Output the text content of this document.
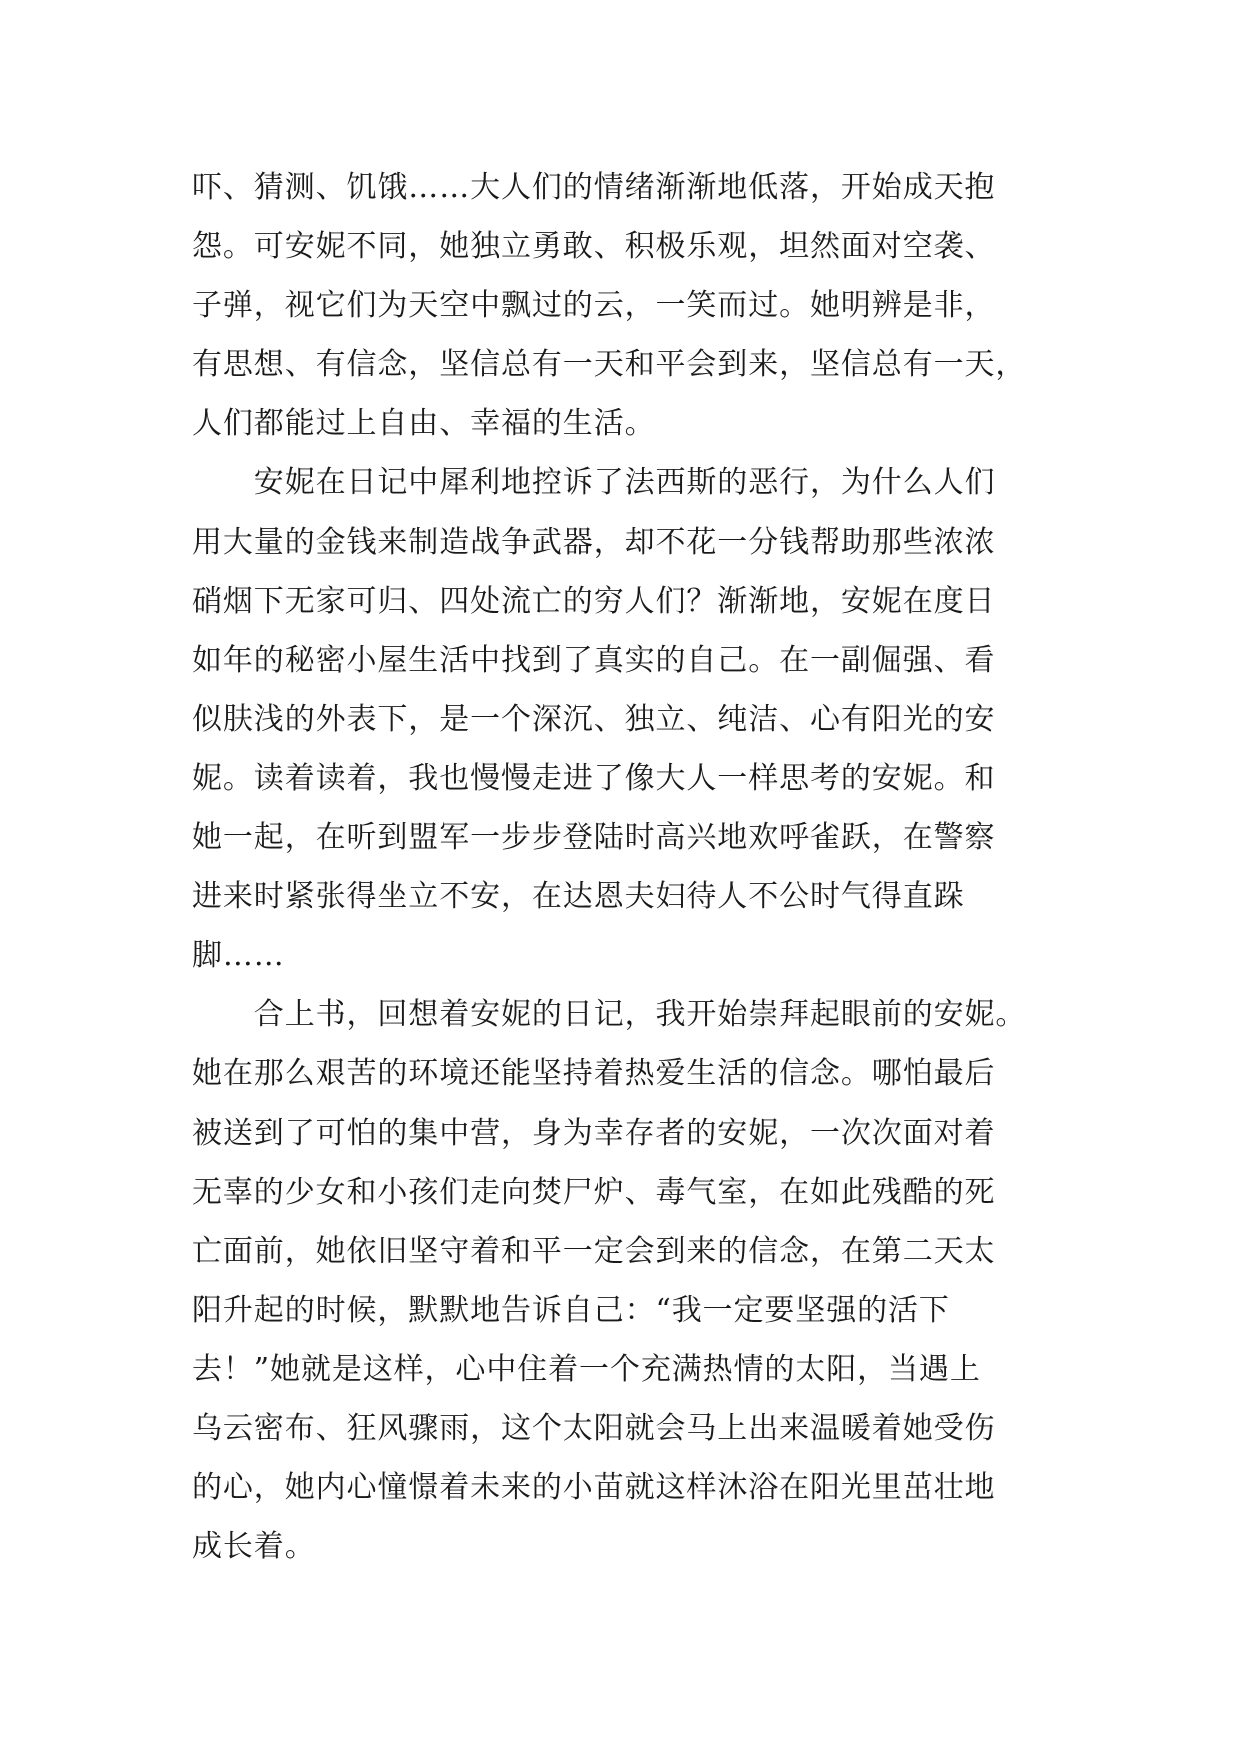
吓、猜测、饥饿……大人们的情绪渐渐地低落，开始成天抱
怨。可安妮不同，她独立勇敢、积极乐观，坦然面对空袭、
子弹，视它们为天空中飘过的云，一笑而过。她明辨是非，
有思想、有信念，坚信总有一天和平会到来，坚信总有一天，
人们都能过上自由、幸福的生活。
　　安妮在日记中犀利地控诉了法西斯的恶行，为什么人们
用大量的金钱来制造战争武器，却不花一分钱帮助那些浓浓
硝烟下无家可归、四处流亡的穷人们？渐渐地，安妮在度日
如年的秘密小屋生活中找到了真实的自己。在一副倔强、看
似肤浅的外表下，是一个深沉、独立、纯洁、心有阳光的安
妮。读着读着，我也慢慢走进了像大人一样思考的安妮。和
她一起，在听到盟军一步步登陆时高兴地欢呼雀跃，在警察
进来时紧张得坐立不安，在达恩夫妇待人不公时气得直跺
脚……
　　合上书，回想着安妮的日记，我开始崇拜起眼前的安妮。
她在那么艰苦的环境还能坚持着热爱生活的信念。哪怕最后
被送到了可怕的集中营，身为幸存者的安妮，一次次面对着
无辜的少女和小孩们走向焚尸炉、毒气室，在如此残酷的死
亡面前，她依旧坚守着和平一定会到来的信念，在第二天太
阳升起的时候，默默地告诉自己：“我一定要坚强的活下
去！”她就是这样，心中住着一个充满热情的太阳，当遇上
乌云密布、狂风骤雨，这个太阳就会马上出来温暖着她受伤
的心，她内心憧憬着未来的小苗就这样沐浴在阳光里茁壮地
成长着。
